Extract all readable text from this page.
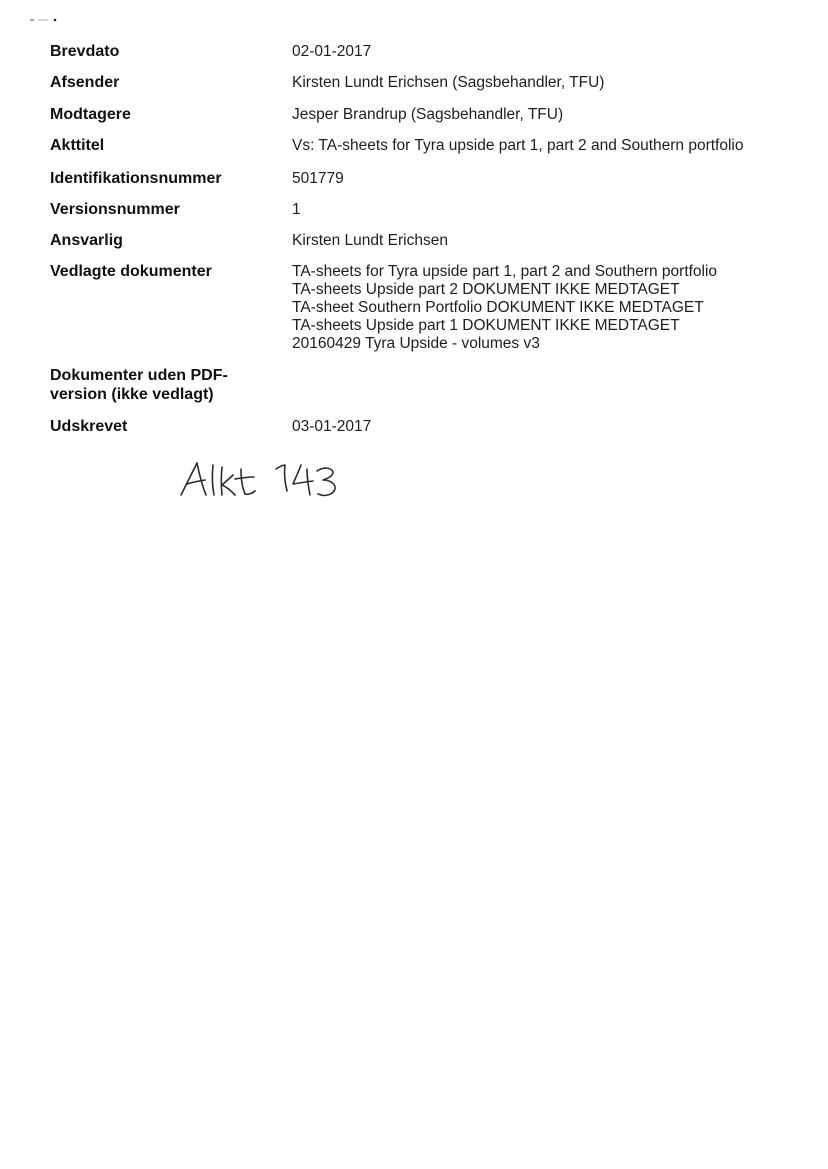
Brevdato	02-01-2017
Afsender	Kirsten Lundt Erichsen (Sagsbehandler, TFU)
Modtagere	Jesper Brandrup (Sagsbehandler, TFU)
Akttitel	Vs: TA-sheets for Tyra upside part 1, part 2 and Southern portfolio
Identifikationsnummer	501779
Versionsnummer	1
Ansvarlig	Kirsten Lundt Erichsen
Vedlagte dokumenter	TA-sheets for Tyra upside part 1, part 2 and Southern portfolio
TA-sheets Upside part 2 DOKUMENT IKKE MEDTAGET
TA-sheet Southern Portfolio DOKUMENT IKKE MEDTAGET
TA-sheets Upside part 1 DOKUMENT IKKE MEDTAGET
20160429 Tyra Upside - volumes v3
Dokumenter uden PDF-
version (ikke vedlagt)
Udskrevet	03-01-2017
